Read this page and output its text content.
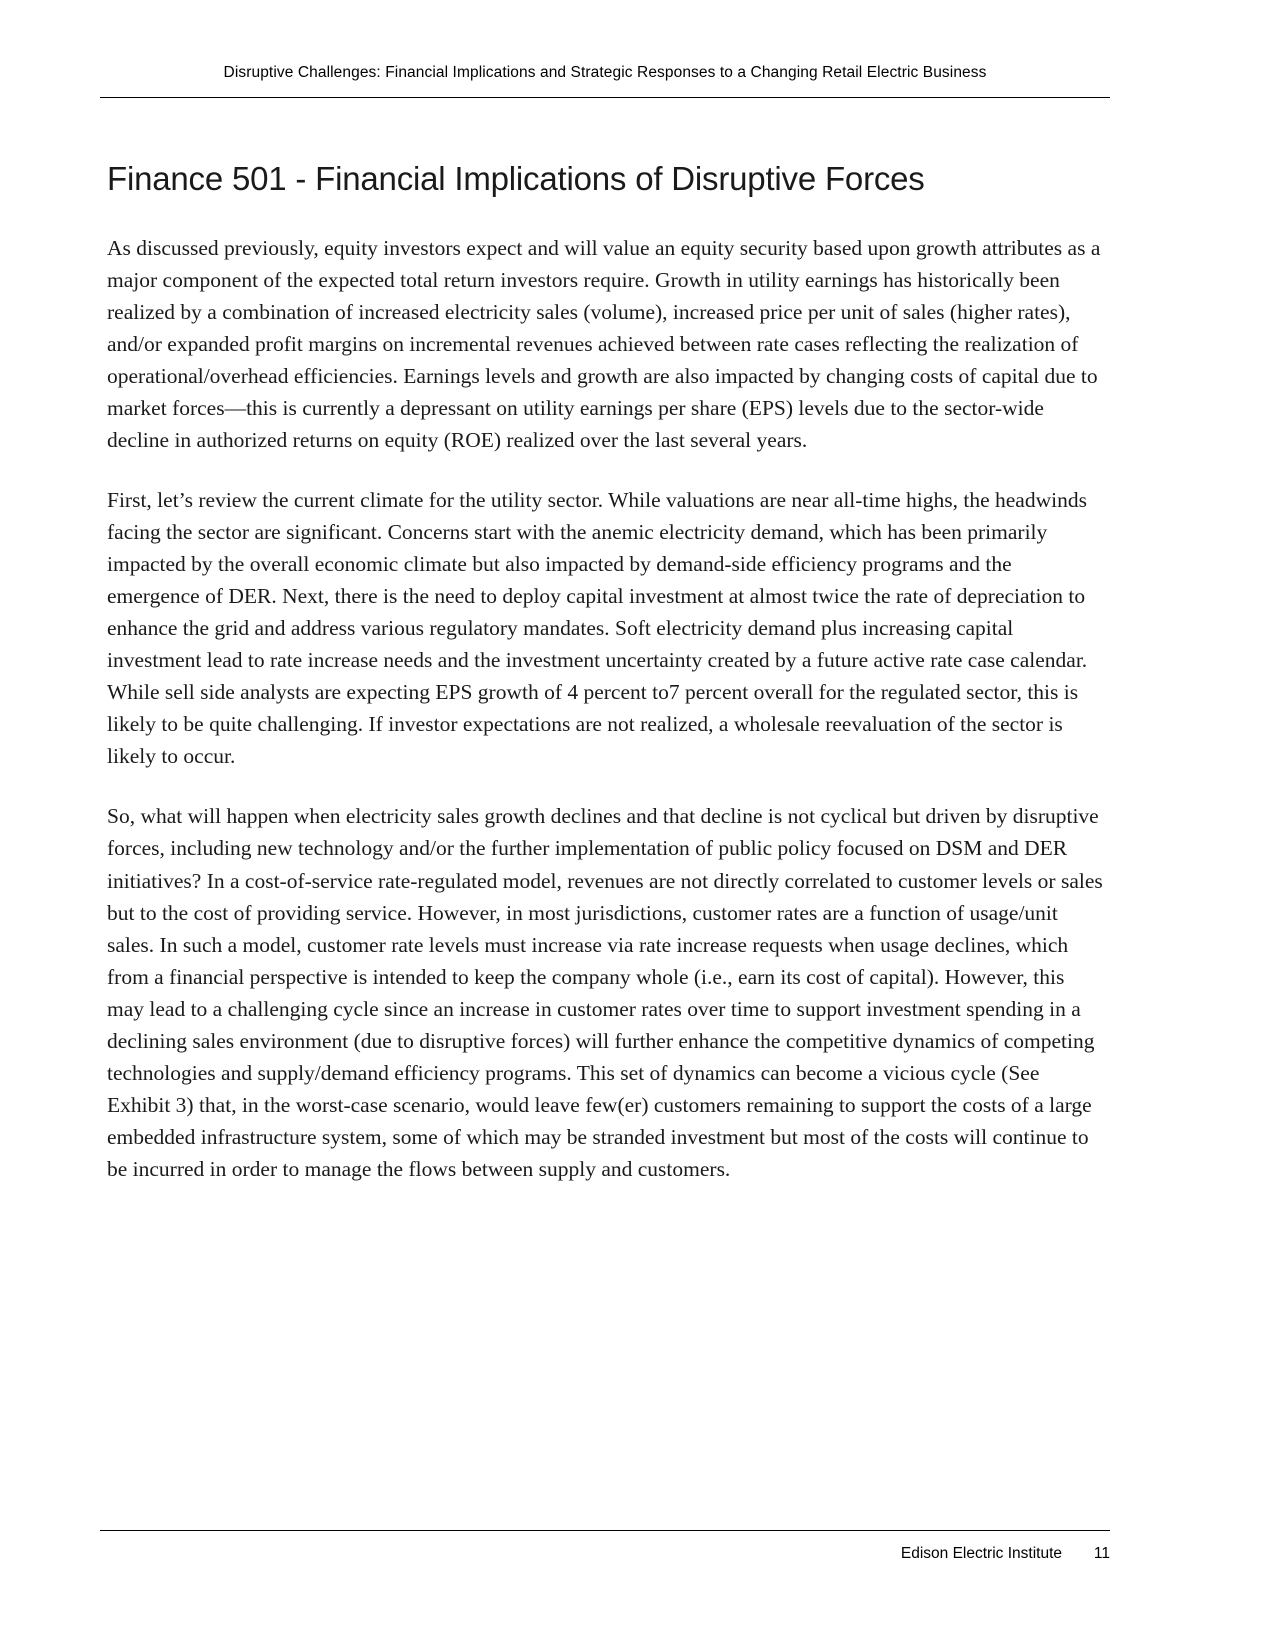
Disruptive Challenges: Financial Implications and Strategic Responses to a Changing Retail Electric Business
Finance 501 - Financial Implications of Disruptive Forces

As discussed previously, equity investors expect and will value an equity security based upon growth attributes as a major component of the expected total return investors require. Growth in utility earnings has historically been realized by a combination of increased electricity sales (volume), increased price per unit of sales (higher rates), and/or expanded profit margins on incremental revenues achieved between rate cases reflecting the realization of operational/overhead efficiencies. Earnings levels and growth are also impacted by changing costs of capital due to market forces—this is currently a depressant on utility earnings per share (EPS) levels due to the sector-wide decline in authorized returns on equity (ROE) realized over the last several years.

First, let’s review the current climate for the utility sector. While valuations are near all-time highs, the headwinds facing the sector are significant. Concerns start with the anemic electricity demand, which has been primarily impacted by the overall economic climate but also impacted by demand-side efficiency programs and the emergence of DER. Next, there is the need to deploy capital investment at almost twice the rate of depreciation to enhance the grid and address various regulatory mandates. Soft electricity demand plus increasing capital investment lead to rate increase needs and the investment uncertainty created by a future active rate case calendar. While sell side analysts are expecting EPS growth of 4 percent to7 percent overall for the regulated sector, this is likely to be quite challenging. If investor expectations are not realized, a wholesale reevaluation of the sector is likely to occur.

So, what will happen when electricity sales growth declines and that decline is not cyclical but driven by disruptive forces, including new technology and/or the further implementation of public policy focused on DSM and DER initiatives? In a cost-of-service rate-regulated model, revenues are not directly correlated to customer levels or sales but to the cost of providing service. However, in most jurisdictions, customer rates are a function of usage/unit sales. In such a model, customer rate levels must increase via rate increase requests when usage declines, which from a financial perspective is intended to keep the company whole (i.e., earn its cost of capital). However, this may lead to a challenging cycle since an increase in customer rates over time to support investment spending in a declining sales environment (due to disruptive forces) will further enhance the competitive dynamics of competing technologies and supply/demand efficiency programs. This set of dynamics can become a vicious cycle (See Exhibit 3) that, in the worst-case scenario, would leave few(er) customers remaining to support the costs of a large embedded infrastructure system, some of which may be stranded investment but most of the costs will continue to be incurred in order to manage the flows between supply and customers.

Edison Electric Institute	11
